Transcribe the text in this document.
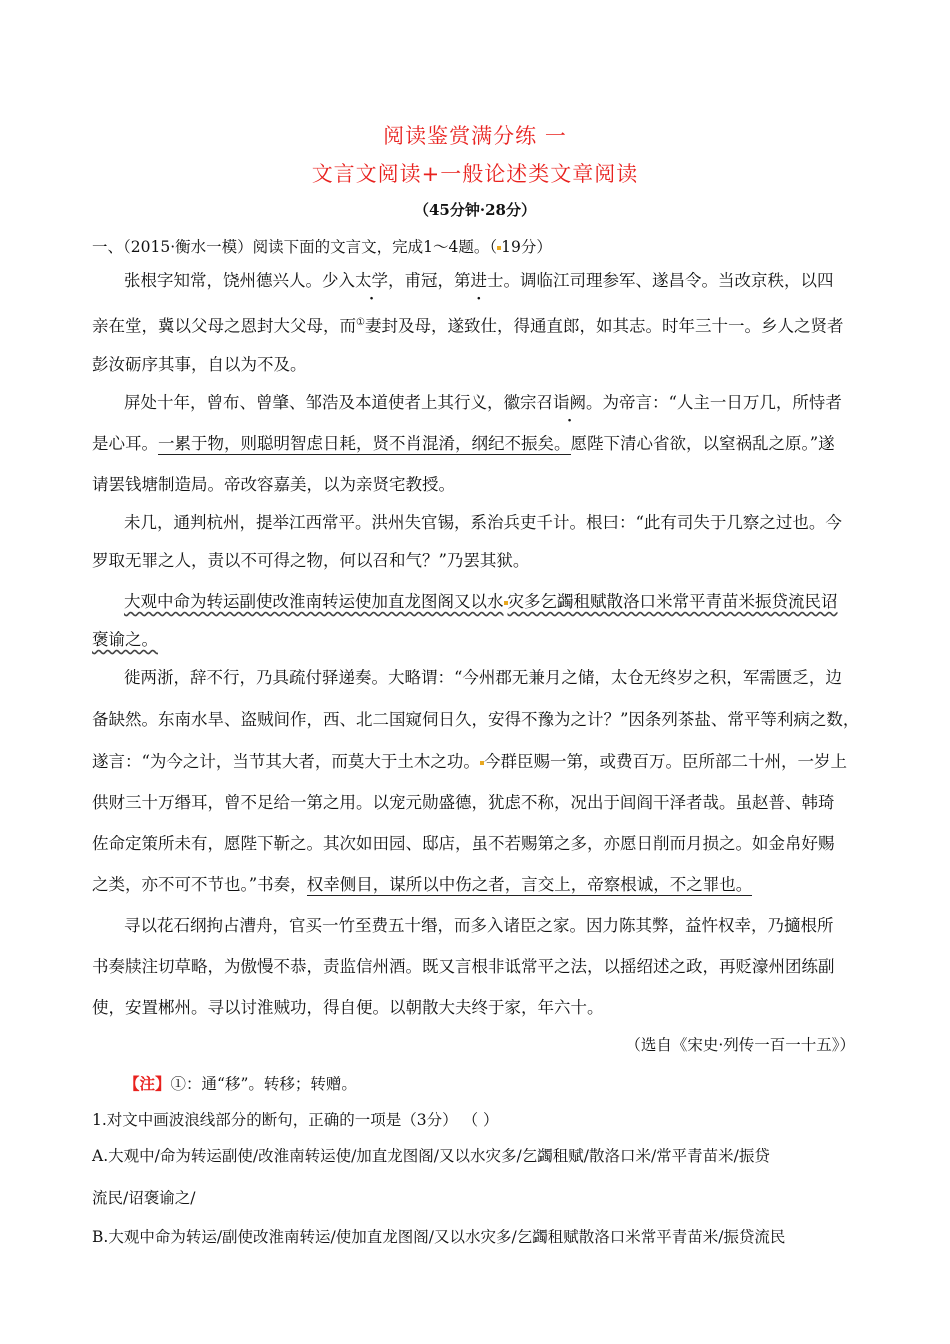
阅读鉴赏满分练 一
文言文阅读+一般论述类文章阅读
（45分钟·28分）
一、（2015·衡水一模）阅读下面的文言文，完成1～4题。（ 19分）
张根字知常，饶州德兴人。少入太学，甫冠，第进士。调临江司理参军、遂昌令。当改京秩，以四
亲在堂，冀以父母之恩封大父母，而①妻封及母，遂致仕，得通直郎，如其志。时年三十一。乡人之贤者
彭汝砺序其事，自以为不及。
屏处十年，曾布、曾肇、邹浩及本道使者上其行义，徽宗召诣阙。为帝言：“人主一日万几，所恃者
是心耳。一累于物，则聪明智虑日耗，贤不肖混淆，纲纪不振矣。愿陛下清心省欲，以窒祸乱之原。”遂
请罢钱塘制造局。帝改容嘉美，以为亲贤宅教授。
未几，通判杭州，提举江西常平。洪州失官锡，系治兵吏千计。根曰：“此有司失于几察之过也。今
罗取无罪之人，责以不可得之物，何以召和气？”乃罢其狱。
大观中命为转运副使改淮南转运使加直龙图阁又以水 灾多乞蠲租赋散洛口米常平青苗米振贷流民诏
褒谕之。
徙两浙，辞不行，乃具疏付驿递奏。大略谓：“今州郡无兼月之储，太仓无终岁之积，军需匮乏，边
备缺然。东南水旱、盗贼间作，西、北二国窥伺日久，安得不豫为之计？”因条列茶盐、常平等利病之数，
遂言：“为今之计，当节其大者，而莫大于土木之功。 今群臣赐一第，或费百万。臣所部二十州，一岁上
供财三十万缗耳，曾不足给一第之用。以宠元勋盛德，犹虑不称，况出于闾阎干泽者哉。虽赵普、韩琦
佐命定策所未有，愿陛下靳之。其次如田园、邸店，虽不若赐第之多，亦愿日削而月损之。如金帛好赐
之类，亦不可不节也。”书奏，权幸侧目，谋所以中伤之者，言交上，帝察根诚，不之罪也。
寻以花石纲拘占漕舟，官买一竹至费五十缗，而多入诸臣之家。因力陈其弊，益忤权幸，乃擿根所
书奏牍注切草略，为傲慢不恭，责监信州酒。既又言根非诋常平之法，以摇绍述之政，再贬濠州团练副
使，安置郴州。寻以讨淮贼功，得自便。以朝散大夫终于家，年六十。
（选自《宋史·列传一百一十五》）
【注】①：通“移”。转移；转赠。
1.对文中画波浪线部分的断句，正确的一项是（3分） （ ）
A.大观中/命为转运副使/改淮南转运使/加直龙图阁/又以水灾多/乞蠲租赋/散洛口米/常平青苗米/振贷
流民/诏褒谕之/
B.大观中命为转运/副使改淮南转运/使加直龙图阁/又以水灾多/乞蠲租赋散洛口米常平青苗米/振贷流民
